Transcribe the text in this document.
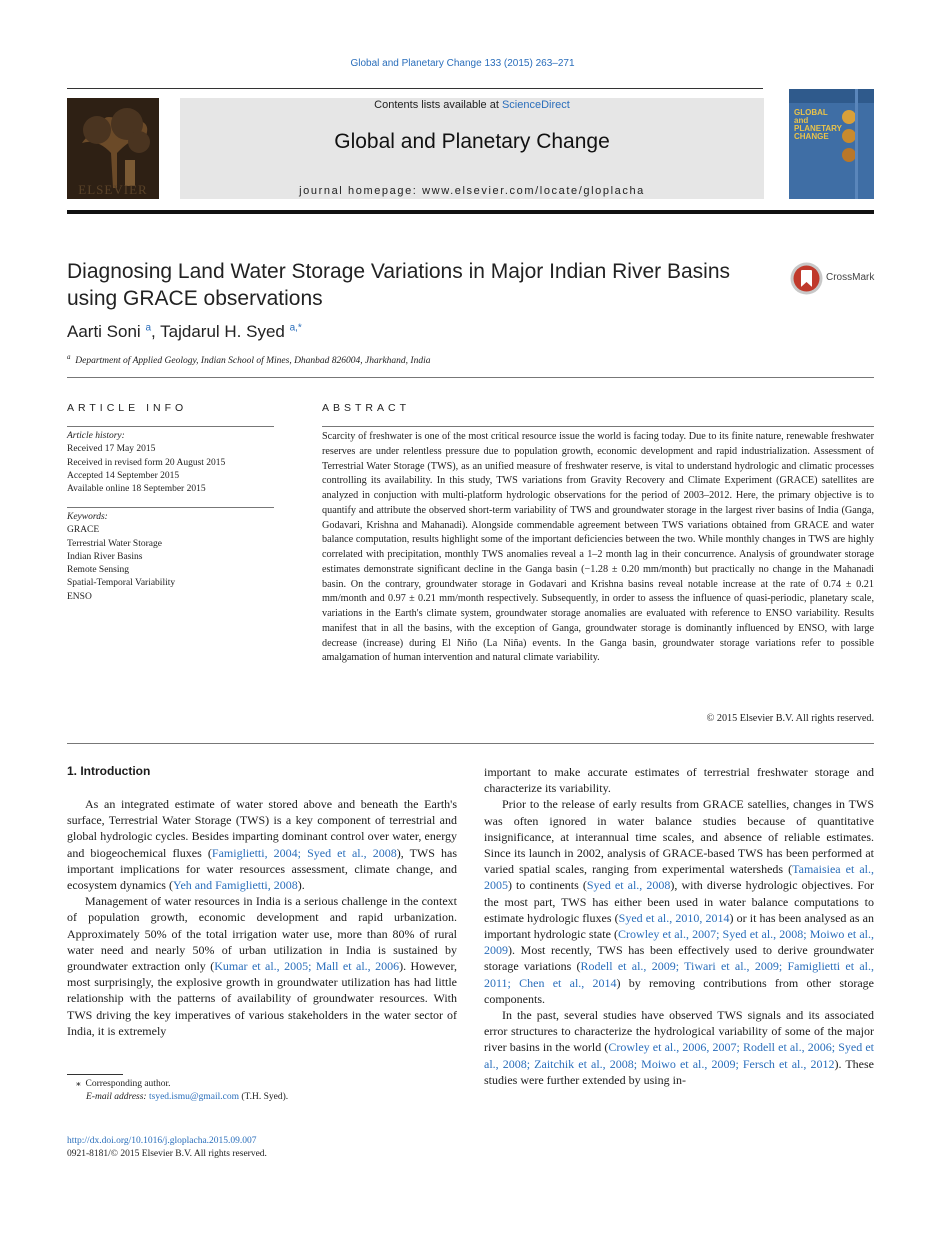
Global and Planetary Change 133 (2015) 263–271
ELSEVIER
Contents lists available at ScienceDirect
Global and Planetary Change
journal homepage: www.elsevier.com/locate/gloplacha
GLOBAL and PLANETARY CHANGE
Diagnosing Land Water Storage Variations in Major Indian River Basins
using GRACE observations
CrossMark
Aarti Soni $^a$, Tajdarul H. Syed $^{a,*}$
$^a$ Department of Applied Geology, Indian School of Mines, Dhanbad 826004, Jharkhand, India
ARTICLE INFO
Article history:
Received 17 May 2015
Received in revised form 20 August 2015
Accepted 14 September 2015
Available online 18 September 2015
Keywords:
GRACE
Terrestrial Water Storage
Indian River Basins
Remote Sensing
Spatial-Temporal Variability
ENSO
ABSTRACT
Scarcity of freshwater is one of the most critical resource issue the world is facing today. Due to its finite nature, renewable freshwater reserves are under relentless pressure due to population growth, economic development and rapid industrialization. Assessment of Terrestrial Water Storage (TWS), as an unified measure of freshwater reserve, is vital to understand hydrologic and climatic processes controlling its availability. In this study, TWS variations from Gravity Recovery and Climate Experiment (GRACE) satellites are analyzed in conjuction with multi-platform hydrologic observations for the period of 2003–2012. Here, the primary objective is to quantify and attribute the observed short-term variability of TWS and groundwater storage in the largest river basins of India (Ganga, Godavari, Krishna and Mahanadi). Alongside commendable agreement between TWS variations obtained from GRACE and water balance computation, results highlight some of the important deficiencies between the two. While monthly changes in TWS are highly correlated with precipitation, monthly TWS anomalies reveal a 1–2 month lag in their concurrence. Analysis of groundwater storage estimates demonstrate significant decline in the Ganga basin (−1.28 ± 0.20 mm/month) but practically no change in the Mahanadi basin. On the contrary, groundwater storage in Godavari and Krishna basins reveal notable increase at the rate of 0.74 ± 0.21 mm/month and 0.97 ± 0.21 mm/month respectively. Subsequently, in order to assess the influence of quasi-periodic, planetary scale, variations in the Earth's climate system, groundwater storage anomalies are evaluated with reference to ENSO variability. Results manifest that in all the basins, with the exception of Ganga, groundwater storage is dominantly influenced by ENSO, with large decrease (increase) during El Niño (La Niña) events. In the Ganga basin, groundwater storage variations refer to possible amalgamation of human intervention and natural climate variability.
© 2015 Elsevier B.V. All rights reserved.
1. Introduction

As an integrated estimate of water stored above and beneath the Earth's surface, Terrestrial Water Storage (TWS) is a key component of terrestrial and global hydrologic cycles. Besides imparting dominant control over water, energy and biogeochemical fluxes (Famiglietti, 2004; Syed et al., 2008), TWS has important implications for water resources assessment, climate change, and ecosystem dynamics (Yeh and Famiglietti, 2008).

Management of water resources in India is a serious challenge in the context of population growth, economic development and rapid urbanization. Approximately 50% of the total irrigation water use, more than 80% of rural water need and nearly 50% of urban utilization in India is sustained by groundwater extraction only (Kumar et al., 2005; Mall et al., 2006). However, most surprisingly, the explosive growth in groundwater utilization has had little relationship with the patterns of availability of groundwater resources. With TWS driving the key imperatives of various stakeholders in the water sector of India, it is extremely

⁎ Corresponding author.
E-mail address: tsyed.ismu@gmail.com (T.H. Syed).
http://dx.doi.org/10.1016/j.gloplacha.2015.09.007
0921-8181/© 2015 Elsevier B.V. All rights reserved.

important to make accurate estimates of terrestrial freshwater storage and characterize its variability.

Prior to the release of early results from GRACE satellies, changes in TWS was often ignored in water balance studies because of quantitative insignificance, at interannual time scales, and absence of reliable estimates. Since its launch in 2002, analysis of GRACE-based TWS has been performed at varied spatial scales, ranging from experimental watersheds (Tamaisiea et al., 2005) to continents (Syed et al., 2008), with diverse hydrologic objectives. For the most part, TWS has either been used in water balance computations to estimate hydrologic fluxes (Syed et al., 2010, 2014) or it has been analysed as an important hydrologic state (Crowley et al., 2007; Syed et al., 2008; Moiwo et al., 2009). Most recently, TWS has been effectively used to derive groundwater storage variations (Rodell et al., 2009; Tiwari et al., 2009; Famiglietti et al., 2011; Chen et al., 2014) by removing contributions from other storage components.

In the past, several studies have observed TWS signals and its associated error structures to characterize the hydrological variability of some of the major river basins in the world (Crowley et al., 2006, 2007; Rodell et al., 2006; Syed et al., 2008; Zaitchik et al., 2008; Moiwo et al., 2009; Fersch et al., 2012). These studies were further extended by using in-
